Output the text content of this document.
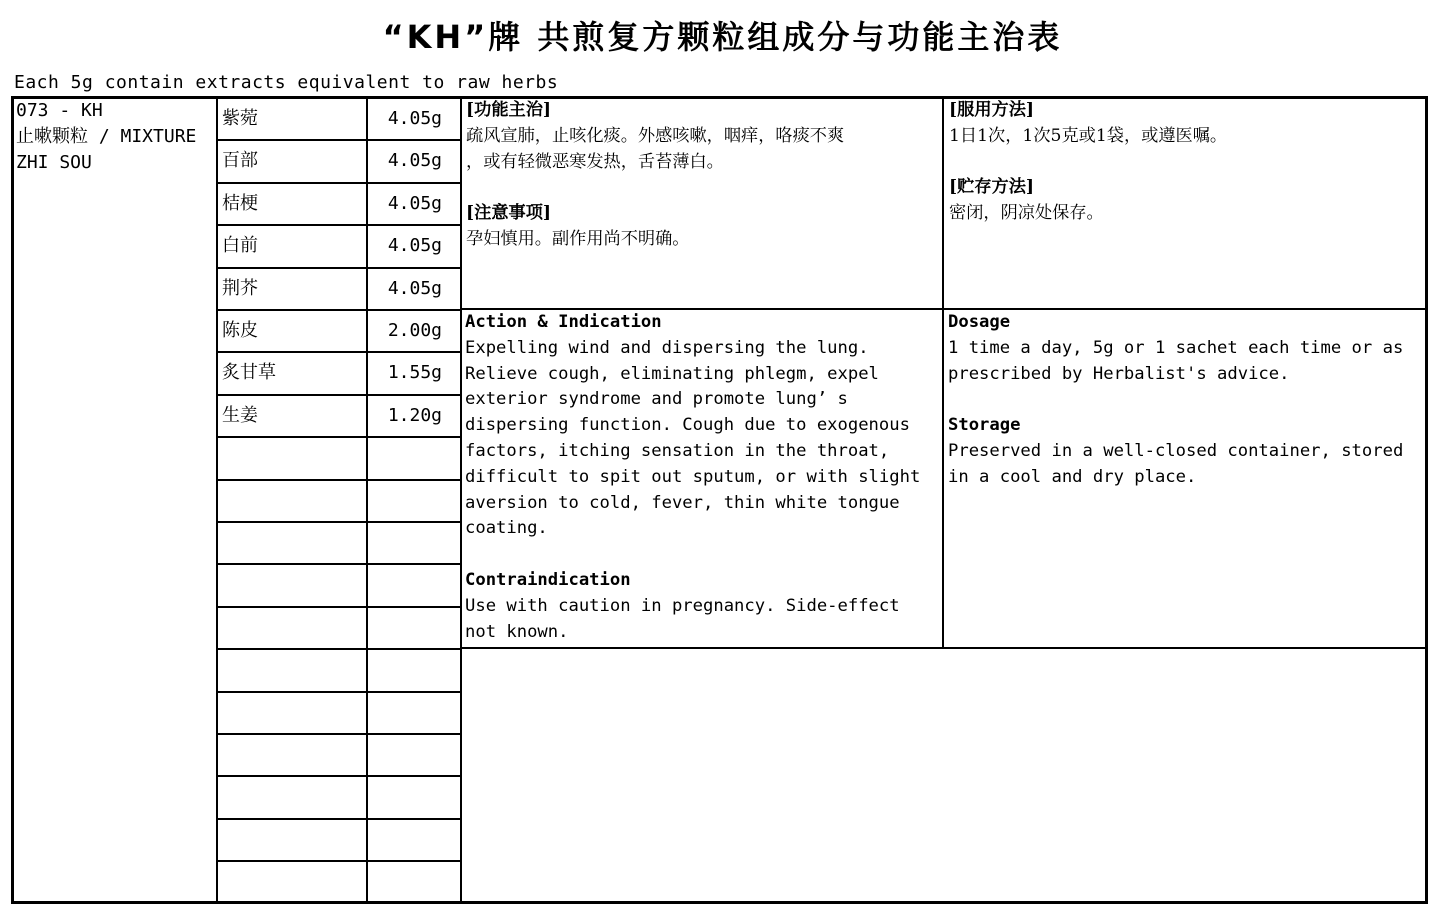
“KH”牌 共煎复方颗粒组成分与功能主治表
Each 5g contain extracts equivalent to raw herbs
073 - KH
止嗽颗粒 / MIXTURE
ZHI SOU
紫菀	4.05g
百部	4.05g
桔梗	4.05g
白前	4.05g
荆芥	4.05g
陈皮	2.00g
炙甘草	1.55g
生姜	1.20g
[功能主治]
疏风宣肺，止咳化痰。外感咳嗽，咽痒，咯痰不爽
，或有轻微恶寒发热，舌苔薄白。
[注意事项]
孕妇慎用。副作用尚不明确。
[服用方法]
1日1次，1次5克或1袋，或遵医嘱。
[贮存方法]
密闭，阴凉处保存。
Action & Indication
Expelling wind and dispersing the lung.
Relieve cough, eliminating phlegm, expel
exterior syndrome and promote lung’ s
dispersing function. Cough due to exogenous
factors, itching sensation in the throat,
difficult to spit out sputum, or with slight
aversion to cold, fever, thin white tongue
coating.
Contraindication
Use with caution in pregnancy. Side-effect
not known.
Dosage
1 time a day, 5g or 1 sachet each time or as
prescribed by Herbalist's advice.
Storage
Preserved in a well-closed container, stored
in a cool and dry place.
